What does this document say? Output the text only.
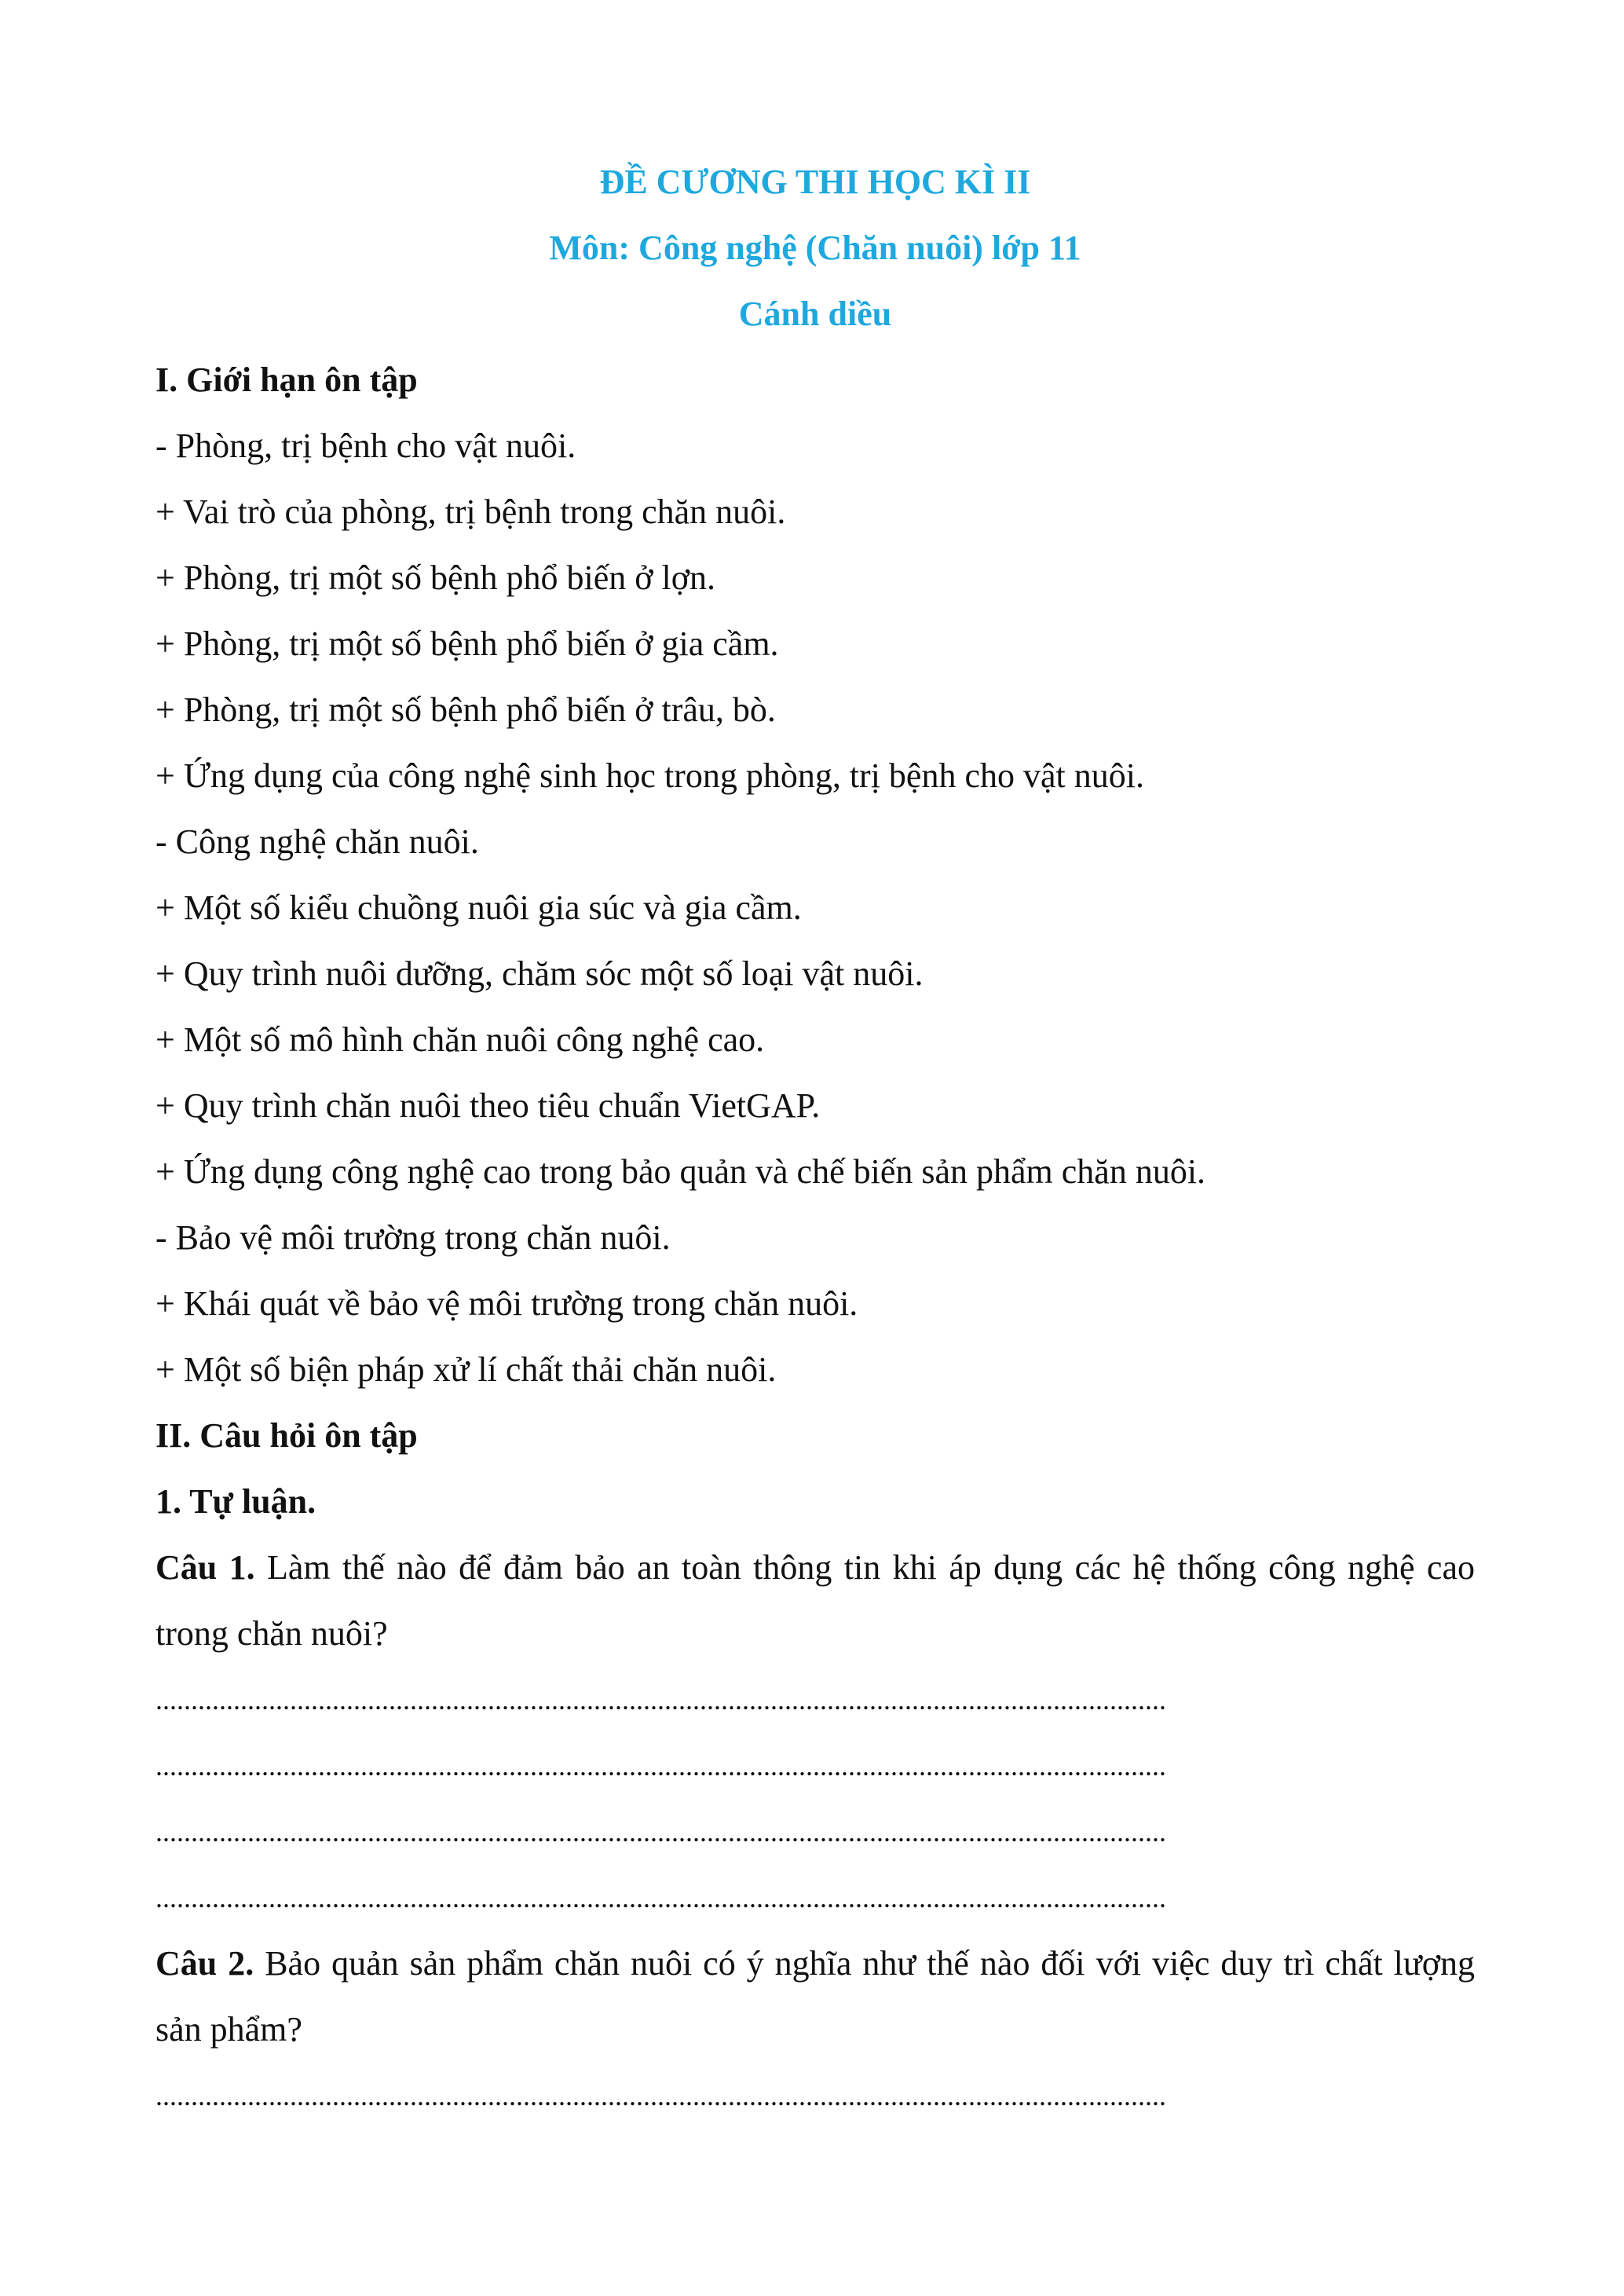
ĐỀ CƯƠNG THI HỌC KÌ II

Môn: Công nghệ (Chăn nuôi) lớp 11

Cánh diều

I. Giới hạn ôn tập

- Phòng, trị bệnh cho vật nuôi.

+ Vai trò của phòng, trị bệnh trong chăn nuôi.

+ Phòng, trị một số bệnh phổ biến ở lợn.

+ Phòng, trị một số bệnh phổ biến ở gia cầm.

+ Phòng, trị một số bệnh phổ biến ở trâu, bò.

+ Ứng dụng của công nghệ sinh học trong phòng, trị bệnh cho vật nuôi.

- Công nghệ chăn nuôi.

+ Một số kiểu chuồng nuôi gia súc và gia cầm.

+ Quy trình nuôi dưỡng, chăm sóc một số loại vật nuôi.

+ Một số mô hình chăn nuôi công nghệ cao.

+ Quy trình chăn nuôi theo tiêu chuẩn VietGAP.

+ Ứng dụng công nghệ cao trong bảo quản và chế biến sản phẩm chăn nuôi.

- Bảo vệ môi trường trong chăn nuôi.

+ Khái quát về bảo vệ môi trường trong chăn nuôi.

+ Một số biện pháp xử lí chất thải chăn nuôi.

II. Câu hỏi ôn tập

1. Tự luận.

Câu 1. Làm thế nào để đảm bảo an toàn thông tin khi áp dụng các hệ thống công nghệ cao trong chăn nuôi?

...............................................................................................................................................

...............................................................................................................................................

...............................................................................................................................................

...............................................................................................................................................

Câu 2. Bảo quản sản phẩm chăn nuôi có ý nghĩa như thế nào đối với việc duy trì chất lượng sản phẩm?

...............................................................................................................................................
